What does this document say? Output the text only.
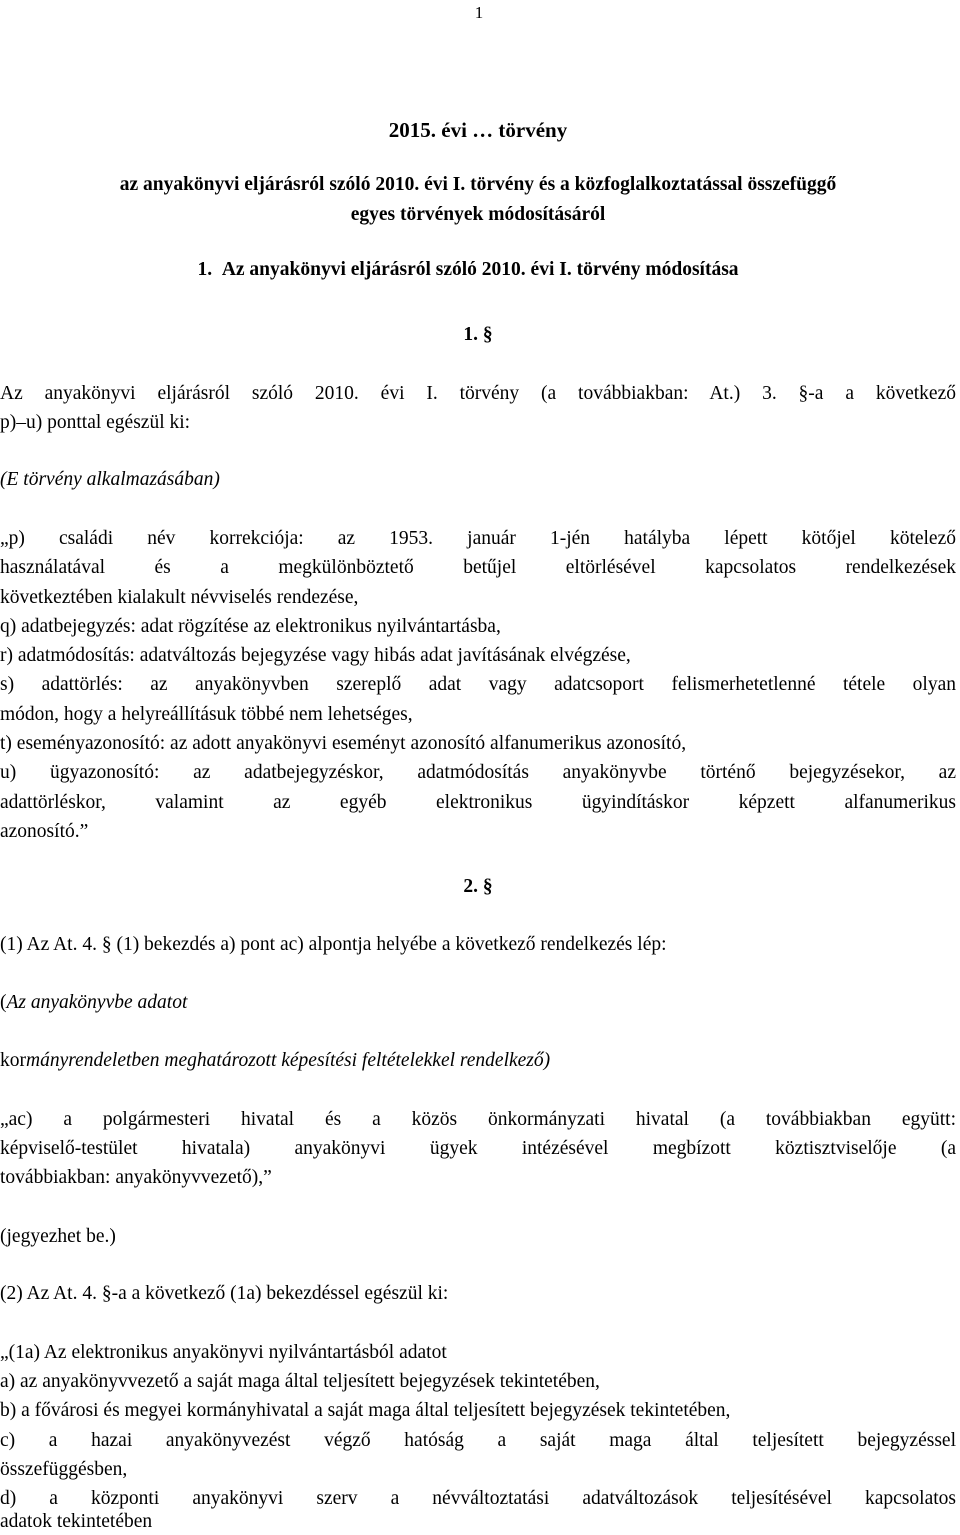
1

2015. évi … törvény

az anyakönyvi eljárásról szóló 2010. évi I. törvény és a közfoglalkoztatással összefüggő

egyes törvények módosításáról

1.  Az anyakönyvi eljárásról szóló 2010. évi I. törvény módosítása

1. §

Az anyakönyvi eljárásról szóló 2010. évi I. törvény (a továbbiakban: At.) 3. §-a a következő

p)–u) ponttal egészül ki:

(E törvény alkalmazásában)

„p) családi név korrekciója: az 1953. január 1-jén hatályba lépett kötőjel kötelező

használatával és a megkülönböztető betűjel eltörlésével kapcsolatos rendelkezések

következtében kialakult névviselés rendezése,

q) adatbejegyzés: adat rögzítése az elektronikus nyilvántartásba,

r) adatmódosítás: adatváltozás bejegyzése vagy hibás adat javításának elvégzése,

s) adattörlés: az anyakönyvben szereplő adat vagy adatcsoport felismerhetetlenné tétele olyan

módon, hogy a helyreállításuk többé nem lehetséges,

t) eseményazonosító: az adott anyakönyvi eseményt azonosító alfanumerikus azonosító,

u) ügyazonosító: az adatbejegyzéskor, adatmódosítás anyakönyvbe történő bejegyzésekor, az

adattörléskor, valamint az egyéb elektronikus ügyindításkor képzett alfanumerikus

azonosító.”

2. §

(1) Az At. 4. § (1) bekezdés a) pont ac) alpontja helyébe a következő rendelkezés lép:

(Az anyakönyvbe adatot

kormányrendeletben meghatározott képesítési feltételekkel rendelkező)

„ac) a polgármesteri hivatal és a közös önkormányzati hivatal (a továbbiakban együtt:

képviselő-testület hivatala) anyakönyvi ügyek intézésével megbízott köztisztviselője (a

továbbiakban: anyakönyvvezető),”

(jegyezhet be.)

(2) Az At. 4. §-a a következő (1a) bekezdéssel egészül ki:

„(1a) Az elektronikus anyakönyvi nyilvántartásból adatot

a) az anyakönyvvezető a saját maga által teljesített bejegyzések tekintetében,

b) a fővárosi és megyei kormányhivatal a saját maga által teljesített bejegyzések tekintetében,

c) a hazai anyakönyvezést végző hatóság a saját maga által teljesített bejegyzéssel

összefüggésben,

d) a központi anyakönyvi szerv a névváltoztatási adatváltozások teljesítésével kapcsolatos

adatok tekintetében
